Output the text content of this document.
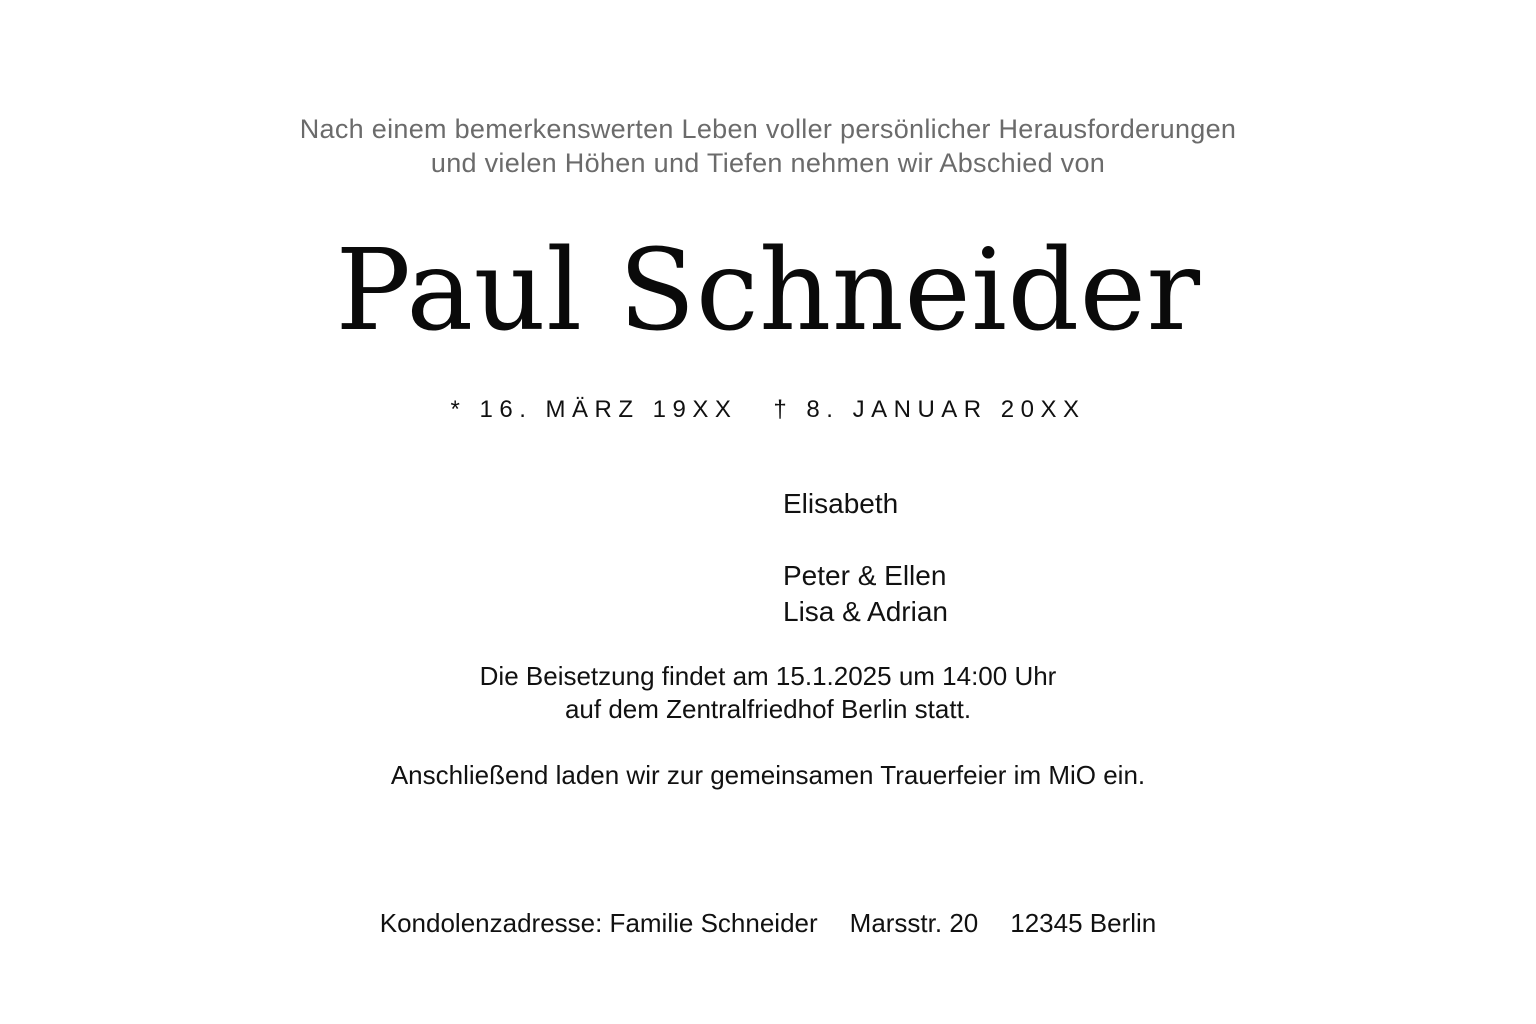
Nach einem bemerkenswerten Leben voller persönlicher Herausforderungen
und vielen Höhen und Tiefen nehmen wir Abschied von
Paul Schneider
* 16. MÄRZ 19XX † 8. JANUAR 20XX
Elisabeth
Peter & Ellen
Lisa & Adrian
Die Beisetzung findet am 15.1.2025 um 14:00 Uhr
auf dem Zentralfriedhof Berlin statt.
Anschließend laden wir zur gemeinsamen Trauerfeier im MiO ein.
Kondolenzadresse: Familie Schneider Marsstr. 20 12345 Berlin
